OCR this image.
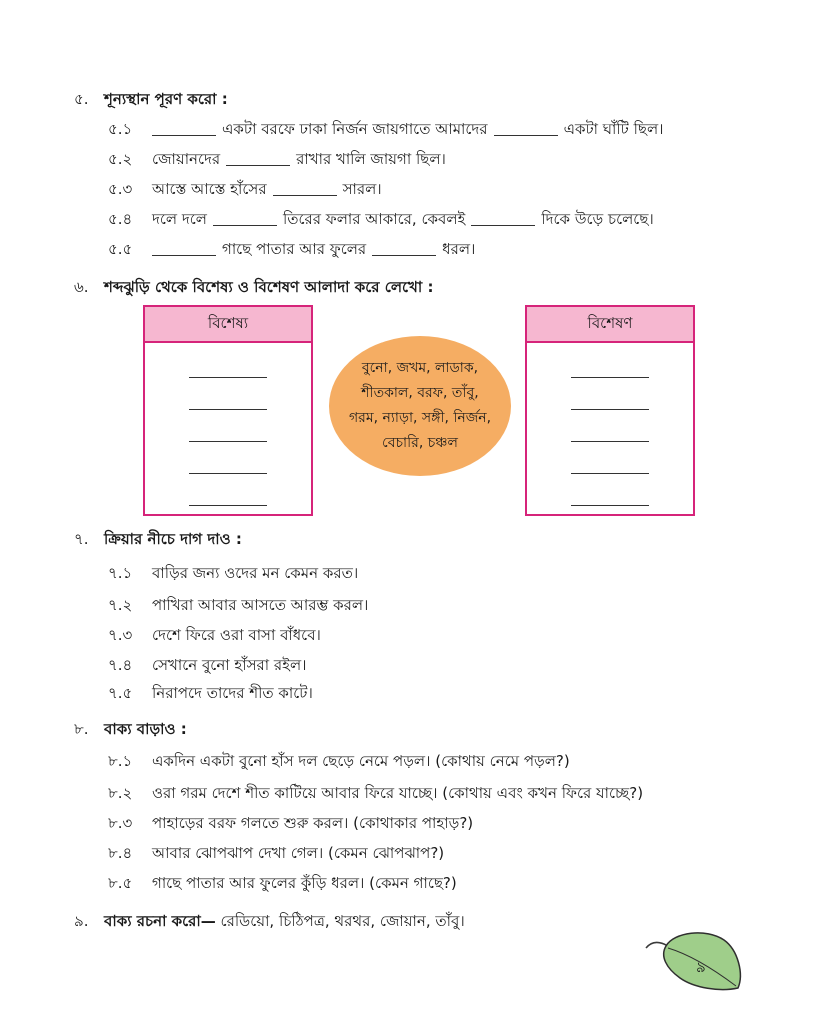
৫. শূন্যস্থান পূরণ করো :
৫.১	একটা বরফে ঢাকা নির্জন জায়গাতে আমাদের	একটা ঘাঁটি ছিল।
৫.২ জোয়ানদের	রাখার খালি জায়গা ছিল।
৫.৩ আস্তে আস্তে হাঁসের	সারল।
৫.৪ দলে দলে	তিরের ফলার আকারে, কেবলই	দিকে উড়ে চলেছে।
৫.৫	গাছে পাতার আর ফুলের	ধরল।
৬. শব্দঝুড়ি থেকে বিশেষ্য ও বিশেষণ আলাদা করে লেখো :
বিশেষ্য
বুনো, জখম, লাডাক,
শীতকাল, বরফ, তাঁবু,
গরম, ন্যাড়া, সঙ্গী, নির্জন,
বেচারি, চঞ্চল
বিশেষণ
৭. ক্রিয়ার নীচে দাগ দাও :
৭.১ বাড়ির জন্য ওদের মন কেমন করত।
৭.২ পাখিরা আবার আসতে আরম্ভ করল।
৭.৩ দেশে ফিরে ওরা বাসা বাঁধবে।
৭.৪ সেখানে বুনো হাঁসরা রইল।
৭.৫ নিরাপদে তাদের শীত কাটে।
৮. বাক্য বাড়াও :
৮.১ একদিন একটা বুনো হাঁস দল ছেড়ে নেমে পড়ল। (কোথায় নেমে পড়ল?)
৮.২ ওরা গরম দেশে শীত কাটিয়ে আবার ফিরে যাচ্ছে। (কোথায় এবং কখন ফিরে যাচ্ছে?)
৮.৩ পাহাড়ের বরফ গলতে শুরু করল। (কোথাকার পাহাড়?)
৮.৪ আবার ঝোপঝাপ দেখা গেল। (কেমন ঝোপঝাপ?)
৮.৫ গাছে পাতার আর ফুলের কুঁড়ি ধরল। (কেমন গাছে?)
৯. বাক্য রচনা করো— রেডিয়ো, চিঠিপত্র, থরথর, জোয়ান, তাঁবু।
৯
